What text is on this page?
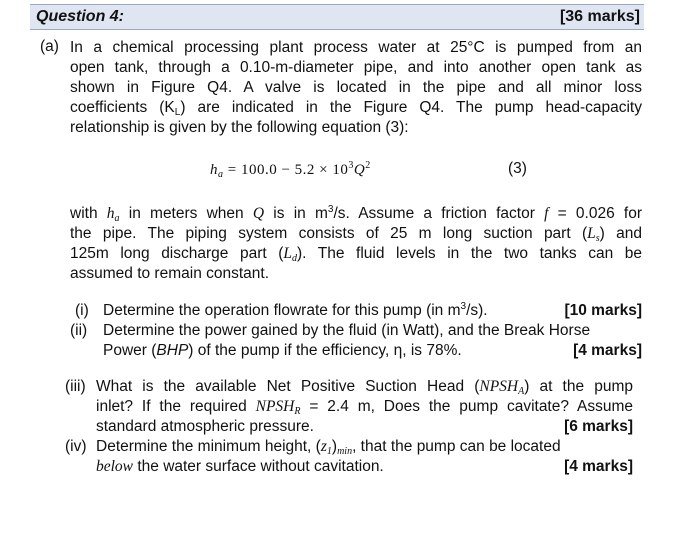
Question 4:	[36 marks]
(a) In a chemical processing plant process water at 25°C is pumped from an
open tank, through a 0.10-m-diameter pipe, and into another open tank as
shown in Figure Q4. A valve is located in the pipe and all minor loss
coefficients $(K_L)$ are indicated in the Figure Q4. The pump head-capacity
relationship is given by the following equation (3):
$h_a = 100.0 - 5.2 \times 10^3Q^2$	(3)
with $h_a$ in meters when Q is in $m^3/s$. Assume a friction factor f = 0.026 for
the pipe. The piping system consists of 25 m long suction part $(L_s)$ and
125m long discharge part $(L_d)$. The fluid levels in the two tanks can be
assumed to remain constant.
(i) Determine the operation flowrate for this pump (in $m^3/s$).	[10 marks]
(ii) Determine the power gained by the fluid (in Watt), and the Break Horse
Power (BHP) of the pump if the efficiency, η, is 78%.	[4 marks]
(iii) What is the available Net Positive Suction Head $(NPSH_A)$ at the pump
inlet? If the required $NPSH_R = 2.4$ m, Does the pump cavitate? Assume
standard atmospheric pressure.	[6 marks]
(iv) Determine the minimum height, $(z_1)_{min}$, that the pump can be located
below the water surface without cavitation.	[4 marks]
